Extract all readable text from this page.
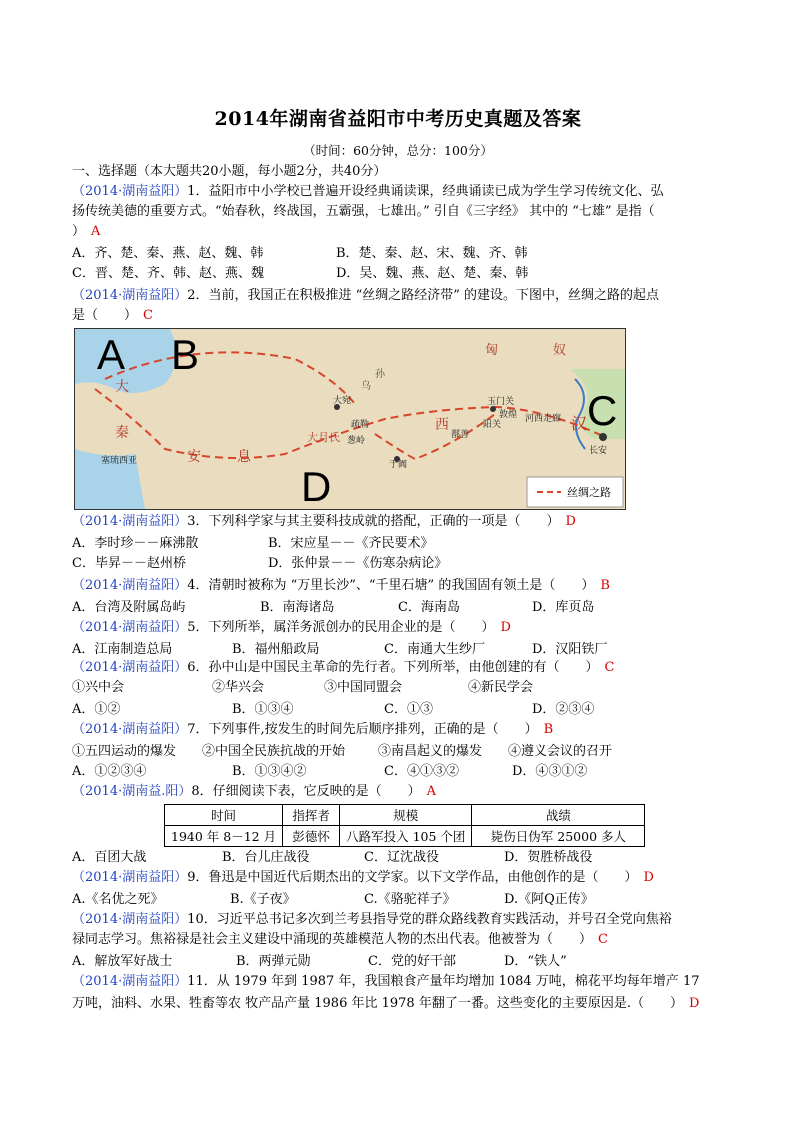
2014年湖南省益阳市中考历史真题及答案
（时间：60分钟，总分：100分）
一、选择题（本大题共20小题，每小题2分，共40分）
（2014·湖南益阳）1．益阳市中小学校已普遍开设经典诵读课，经典诵读已成为学生学习传统文化、弘
扬传统美德的重要方式。“始春秋，终战国，五霸强，七雄出。” 引自《三字经》 其中的 “七雄” 是指（
） A
A．齐、楚、秦、燕、赵、魏、韩	B．楚、秦、赵、宋、魏、齐、韩
C．晋、楚、齐、韩、赵、燕、魏	D．吴、魏、燕、赵、楚、秦、韩
（2014·湖南益阳）2．当前，我国正在积极推进 “丝绸之路经济带” 的建设。下图中，丝绸之路的起点
是（　　） C
A B
C
D
匈	奴
大
秦
安	息
大月氏
西	汉
乌
孙
玉门关
敦煌
阳关
大宛
疏勒
葱岭
于阗
鄯善
河西走廊
长安
塞琉西亚
丝绸之路
（2014·湖南益阳）3．下列科学家与其主要科技成就的搭配，正确的一项是（　　） D
A．李时珍－－麻沸散	B．宋应星－－《齐民要术》
C．毕昇－－赵州桥	D．张仲景－－《伤寒杂病论》
（2014·湖南益阳）4．清朝时被称为 “万里长沙”、“千里石塘” 的我国固有领土是（　　） B
A．台湾及附属岛屿	B．南海诸岛	C．海南岛	D．库页岛
（2014·湖南益阳）5．下列所举，属洋务派创办的民用企业的是（　　） D
A．江南制造总局	B．福州船政局	C．南通大生纱厂	D．汉阳铁厂
（2014·湖南益阳）6．孙中山是中国民主革命的先行者。下列所举，由他创建的有（　　） C
①兴中会	②华兴会	③中国同盟会	④新民学会
A．①②	B．①③④	C．①③	D．②③④
（2014·湖南益阳）7．下列事件,按发生的时间先后顺序排列，正确的是（　　） B
①五四运动的爆发 ②中国全民族抗战的开始	③南昌起义的爆发 ④遵义会议的召开
A．①②③④	B．①③④②	C．④①③②	D．④③①②
（2014·湖南益.阳）8．仔细阅读下表，它反映的是（　　） A
时间	指挥者	规模	战绩
1940 年 8－12 月	彭德怀	八路军投入 105 个团	毙伤日伪军 25000 多人
A．百团大战	B．台儿庄战役	C．辽沈战役	D．贺胜桥战役
（2014·湖南益阳）9．鲁迅是中国近代后期杰出的文学家。以下文学作品，由他创作的是（　　） D
A.《名优之死》	B.《子夜》	C.《骆驼祥子》	D.《阿Q正传》
（2014·湖南益阳）10．习近平总书记多次到兰考县指导党的群众路线教育实践活动，并号召全党向焦裕
禄同志学习。焦裕禄是社会主义建设中涌现的英雄模范人物的杰出代表。他被誉为（　　） C
A．解放军好战士	B．两弹元勋	C．党的好干部	D．“铁人”
（2014·湖南益阳）11．从 1979 年到 1987 年，我国粮食产量年均增加 1084 万吨，棉花平均每年增产 17
万吨，油料、水果、牲畜等农 牧产品产量 1986 年比 1978 年翻了一番。这些变化的主要原因是.（　　） D
